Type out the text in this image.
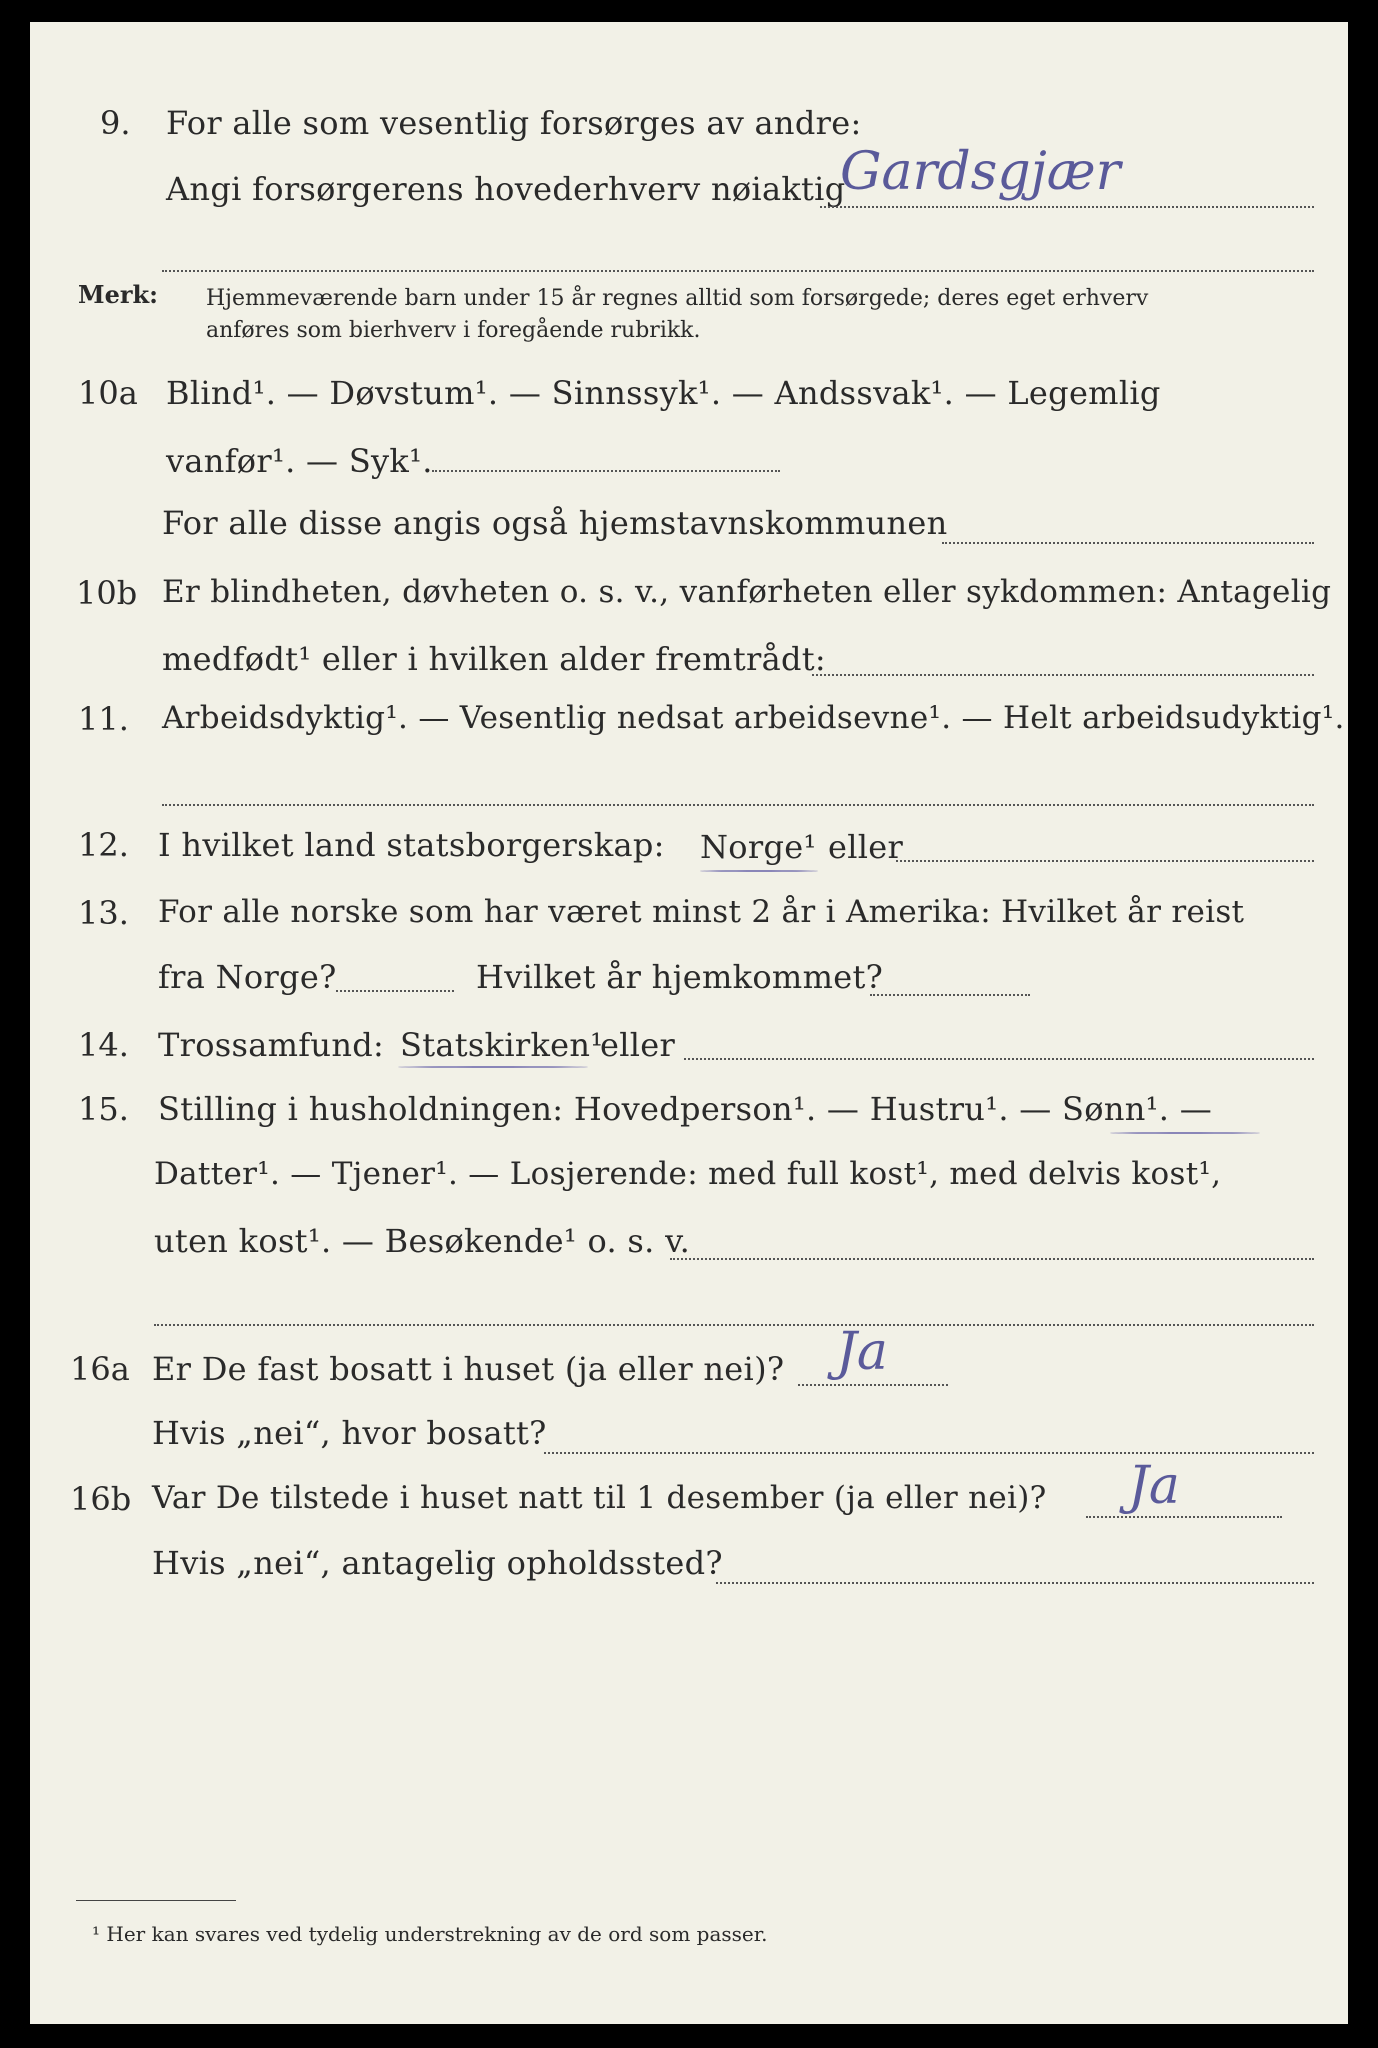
9. For alle som vesentlig forsørges av andre:
Angi forsørgerens hovederhverv nøiaktig
Gardsgjær
Merk: Hjemmeværende barn under 15 år regnes alltid som forsørgede; deres eget erhverv
anføres som bierhverv i foregående rubrikk.
10a Blind¹. — Døvstum¹. — Sinnssyk¹. — Andssvak¹. — Legemlig
vanfør¹. — Syk¹.
For alle disse angis også hjemstavnskommunen
10b Er blindheten, døvheten o. s. v., vanførheten eller sykdommen: Antagelig
medfødt¹ eller i hvilken alder fremtrådt:
11. Arbeidsdyktig¹. — Vesentlig nedsat arbeidsevne¹. — Helt arbeidsudyktig¹.
12. I hvilket land statsborgerskap: Norge¹ eller
13. For alle norske som har været minst 2 år i Amerika: Hvilket år reist
fra Norge?	Hvilket år hjemkommet?
14. Trossamfund: Statskirken¹
eller
15. Stilling i husholdningen: Hovedperson¹. — Hustru¹. — Sønn¹. —
Datter¹. — Tjener¹. — Losjerende: med full kost¹, med delvis kost¹,
uten kost¹. — Besøkende¹ o. s. v.
16a Er De fast bosatt i huset (ja eller nei)? Ja
Hvis „nei“, hvor bosatt?
16b Var De tilstede i huset natt til 1 desember (ja eller nei)? Ja
Hvis „nei“, antagelig opholdssted?
¹ Her kan svares ved tydelig understrekning av de ord som passer.
